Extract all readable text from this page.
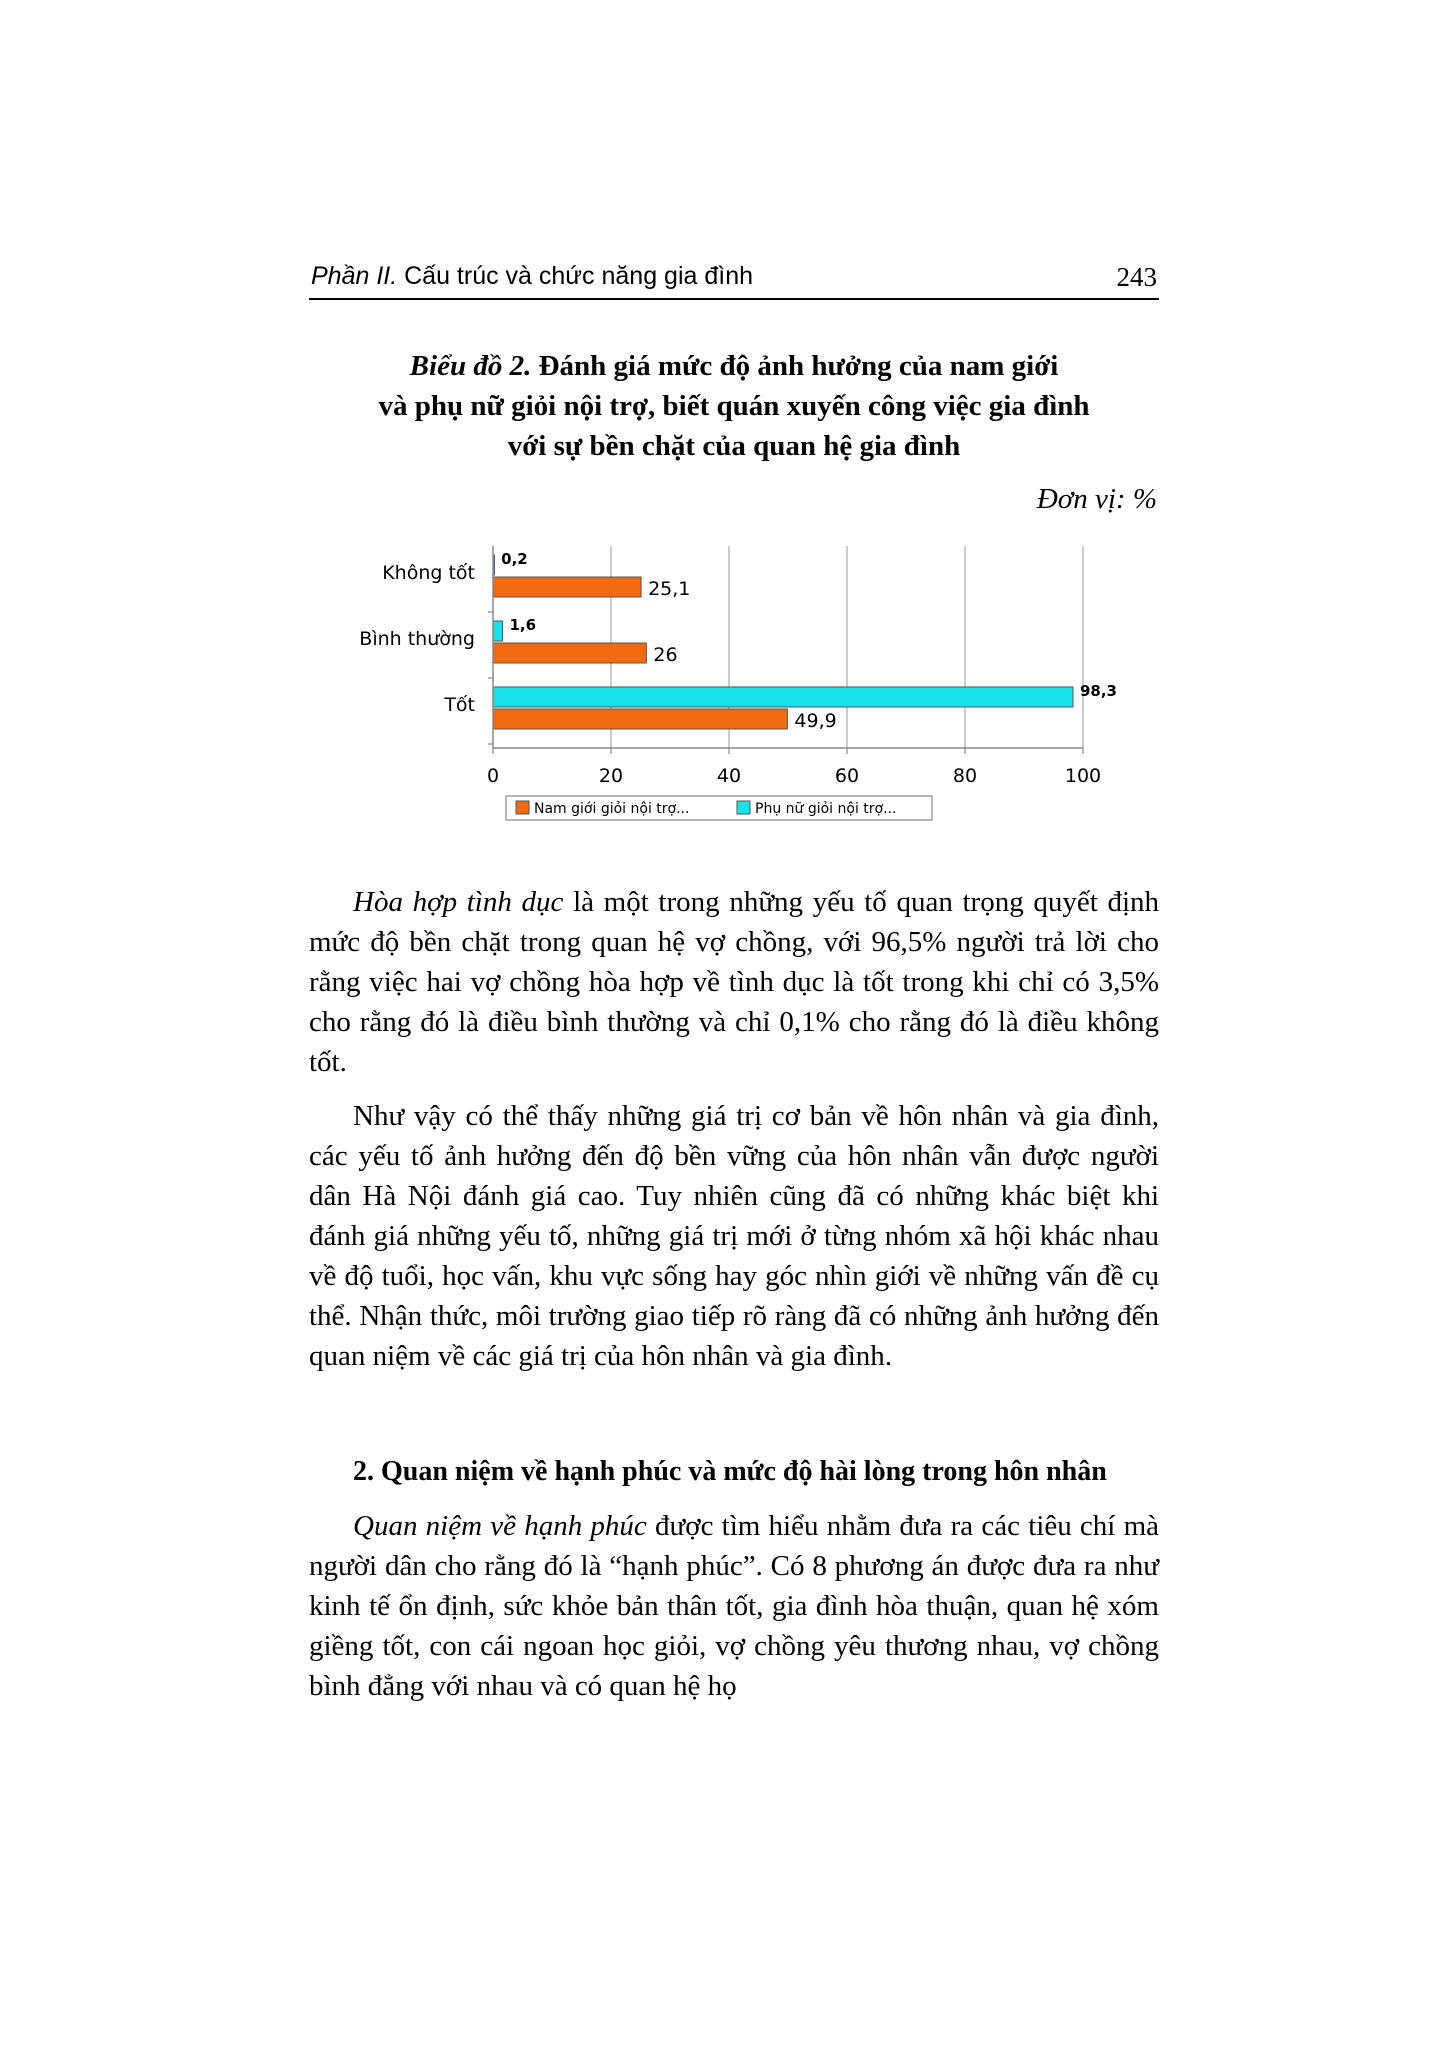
Phần II. Cấu trúc và chức năng gia đình	243
Biểu đồ 2. Đánh giá mức độ ảnh hưởng của nam giới
và phụ nữ giỏi nội trợ, biết quán xuyến công việc gia đình
với sự bền chặt của quan hệ gia đình
Đơn vị: %
0,2
25,1
1,6
26
98,3
49,9
0	20	40	60	80	100
Không tốt
Bình thường
Tốt
Nam giới giỏi nội trợ...	Phụ nữ giỏi nội trợ...

Hòa hợp tình dục là một trong những yếu tố quan trọng quyết định mức độ bền chặt trong quan hệ vợ chồng, với 96,5% người trả lời cho rằng việc hai vợ chồng hòa hợp về tình dục là tốt trong khi chỉ có 3,5% cho rằng đó là điều bình thường và chỉ 0,1% cho rằng đó là điều không tốt.

Như vậy có thể thấy những giá trị cơ bản về hôn nhân và gia đình, các yếu tố ảnh hưởng đến độ bền vững của hôn nhân vẫn được người dân Hà Nội đánh giá cao. Tuy nhiên cũng đã có những khác biệt khi đánh giá những yếu tố, những giá trị mới ở từng nhóm xã hội khác nhau về độ tuổi, học vấn, khu vực sống hay góc nhìn giới về những vấn đề cụ thể. Nhận thức, môi trường giao tiếp rõ ràng đã có những ảnh hưởng đến quan niệm về các giá trị của hôn nhân và gia đình.

2. Quan niệm về hạnh phúc và mức độ hài lòng trong hôn nhân

Quan niệm về hạnh phúc được tìm hiểu nhằm đưa ra các tiêu chí mà người dân cho rằng đó là “hạnh phúc”. Có 8 phương án được đưa ra như kinh tế ổn định, sức khỏe bản thân tốt, gia đình hòa thuận, quan hệ xóm giềng tốt, con cái ngoan học giỏi, vợ chồng yêu thương nhau, vợ chồng bình đẳng với nhau và có quan hệ họ
